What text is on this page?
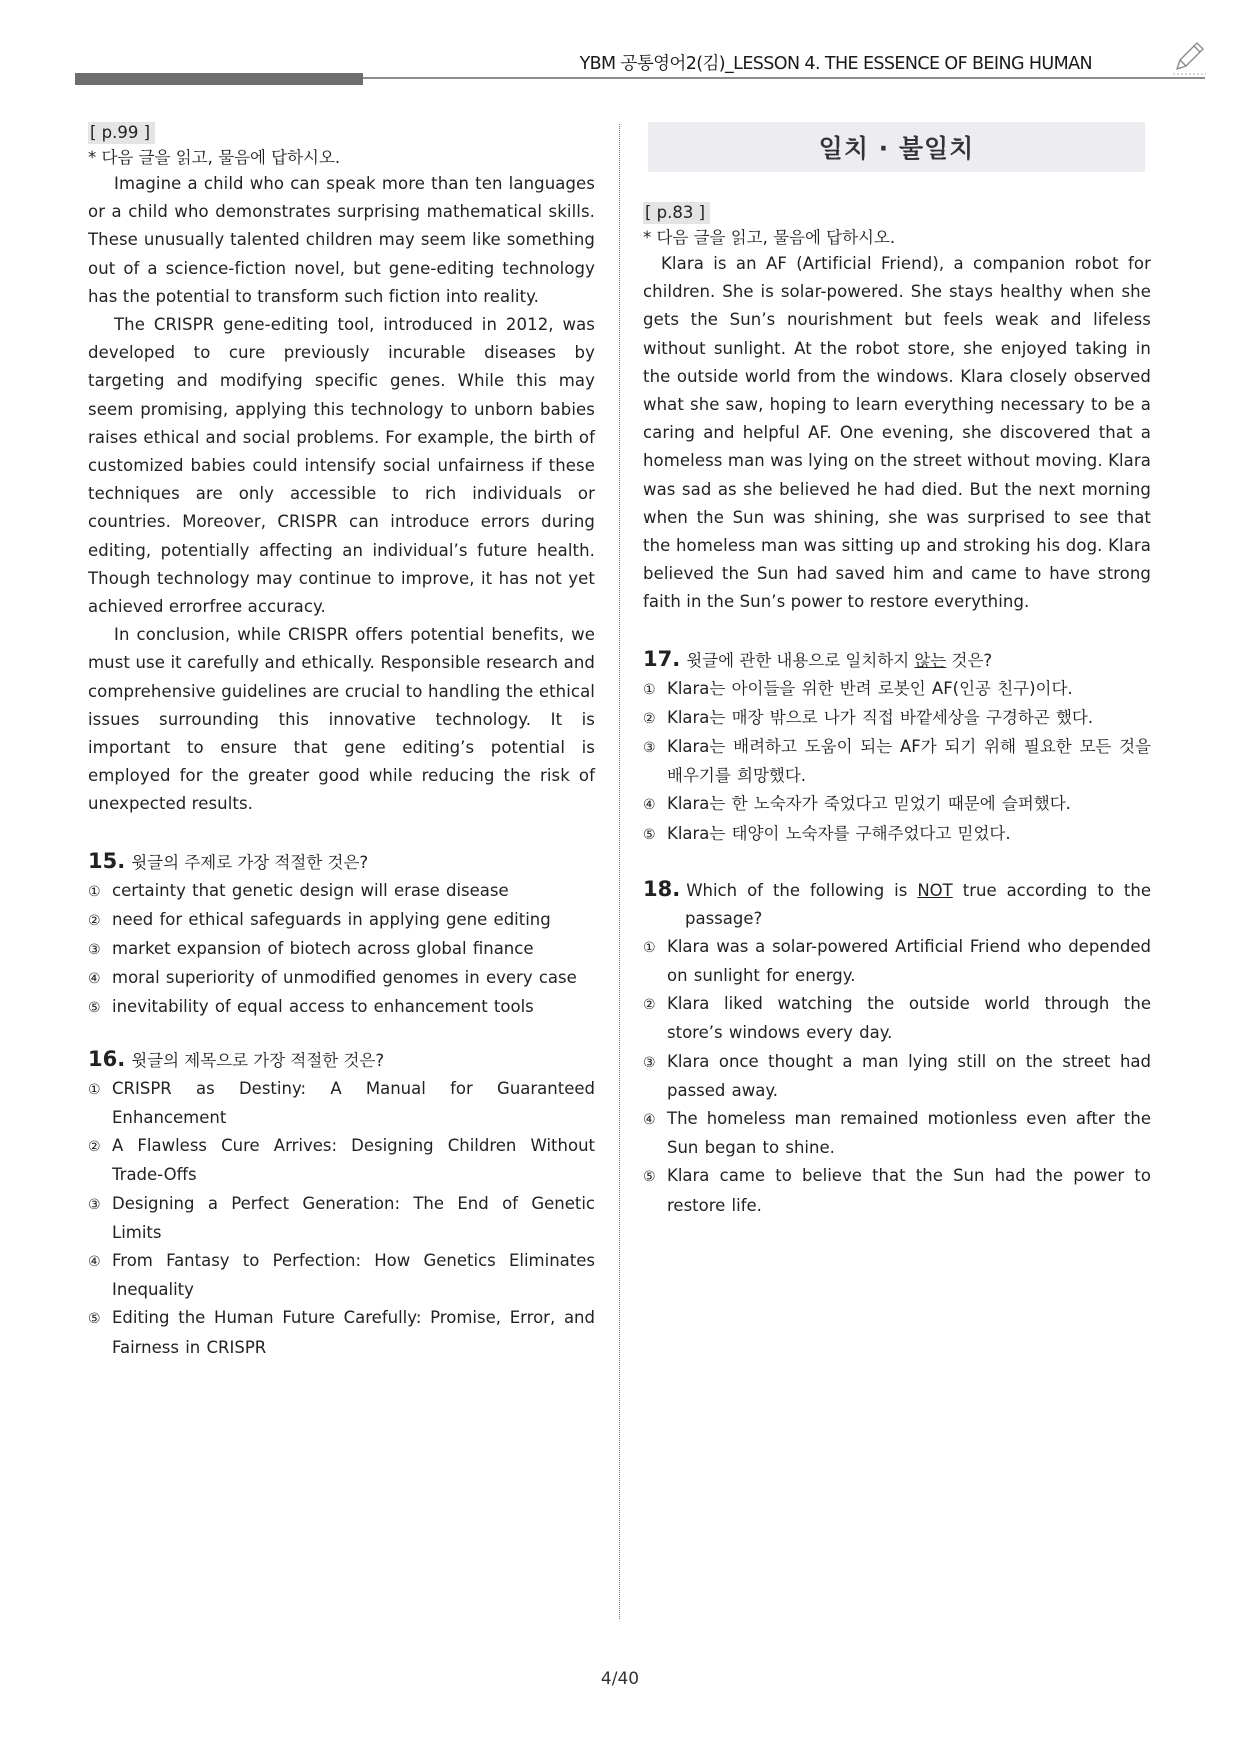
YBM 공통영어2(김)_LESSON 4. THE ESSENCE OF BEING HUMAN
[ p.99 ]
* 다음 글을 읽고, 물음에 답하시오.

Imagine a child who can speak more than ten languages or a child who demonstrates surprising mathematical skills. These unusually talented children may seem like something out of a science-fiction novel, but gene-editing technology has the potential to transform such fiction into reality.

The CRISPR gene-editing tool, introduced in 2012, was developed to cure previously incurable diseases by targeting and modifying specific genes. While this may seem promising, applying this technology to unborn babies raises ethical and social problems. For example, the birth of customized babies could intensify social unfairness if these techniques are only accessible to rich individuals or countries. Moreover, CRISPR can introduce errors during editing, potentially affecting an individual’s future health. Though technology may continue to improve, it has not yet achieved errorfree accuracy.

In conclusion, while CRISPR offers potential benefits, we must use it carefully and ethically. Responsible research and comprehensive guidelines are crucial to handling the ethical issues surrounding this innovative technology. It is important to ensure that gene editing’s potential is employed for the greater good while reducing the risk of unexpected results.

15. 윗글의 주제로 가장 적절한 것은?
① certainty that genetic design will erase disease
② need for ethical safeguards in applying gene editing
③ market expansion of biotech across global finance
④ moral superiority of unmodified genomes in every case
⑤ inevitability of equal access to enhancement tools
16. 윗글의 제목으로 가장 적절한 것은?
① CRISPR as Destiny: A Manual for Guaranteed Enhancement
② A Flawless Cure Arrives: Designing Children Without Trade-Offs
③ Designing a Perfect Generation: The End of Genetic Limits
④ From Fantasy to Perfection: How Genetics Eliminates Inequality
⑤ Editing the Human Future Carefully: Promise, Error, and Fairness in CRISPR
일치 · 불일치
[ p.83 ]
* 다음 글을 읽고, 물음에 답하시오.

Klara is an AF (Artificial Friend), a companion robot for children. She is solar-powered. She stays healthy when she gets the Sun’s nourishment but feels weak and lifeless without sunlight. At the robot store, she enjoyed taking in the outside world from the windows. Klara closely observed what she saw, hoping to learn everything necessary to be a caring and helpful AF. One evening, she discovered that a homeless man was lying on the street without moving. Klara was sad as she believed he had died. But the next morning when the Sun was shining, she was surprised to see that the homeless man was sitting up and stroking his dog. Klara believed the Sun had saved him and came to have strong faith in the Sun’s power to restore everything.

17. 윗글에 관한 내용으로 일치하지 않는 것은?
① Klara는 아이들을 위한 반려 로봇인 AF(인공 친구)이다.
② Klara는 매장 밖으로 나가 직접 바깥세상을 구경하곤 했다.
③ Klara는 배려하고 도움이 되는 AF가 되기 위해 필요한 모든 것을 배우기를 희망했다.
④ Klara는 한 노숙자가 죽었다고 믿었기 때문에 슬퍼했다.
⑤ Klara는 태양이 노숙자를 구해주었다고 믿었다.
18. Which of the following is NOT true according to the passage?
① Klara was a solar-powered Artificial Friend who depended on sunlight for energy.
② Klara liked watching the outside world through the store’s windows every day.
③ Klara once thought a man lying still on the street had passed away.
④ The homeless man remained motionless even after the Sun began to shine.
⑤ Klara came to believe that the Sun had the power to restore life.
4/40
